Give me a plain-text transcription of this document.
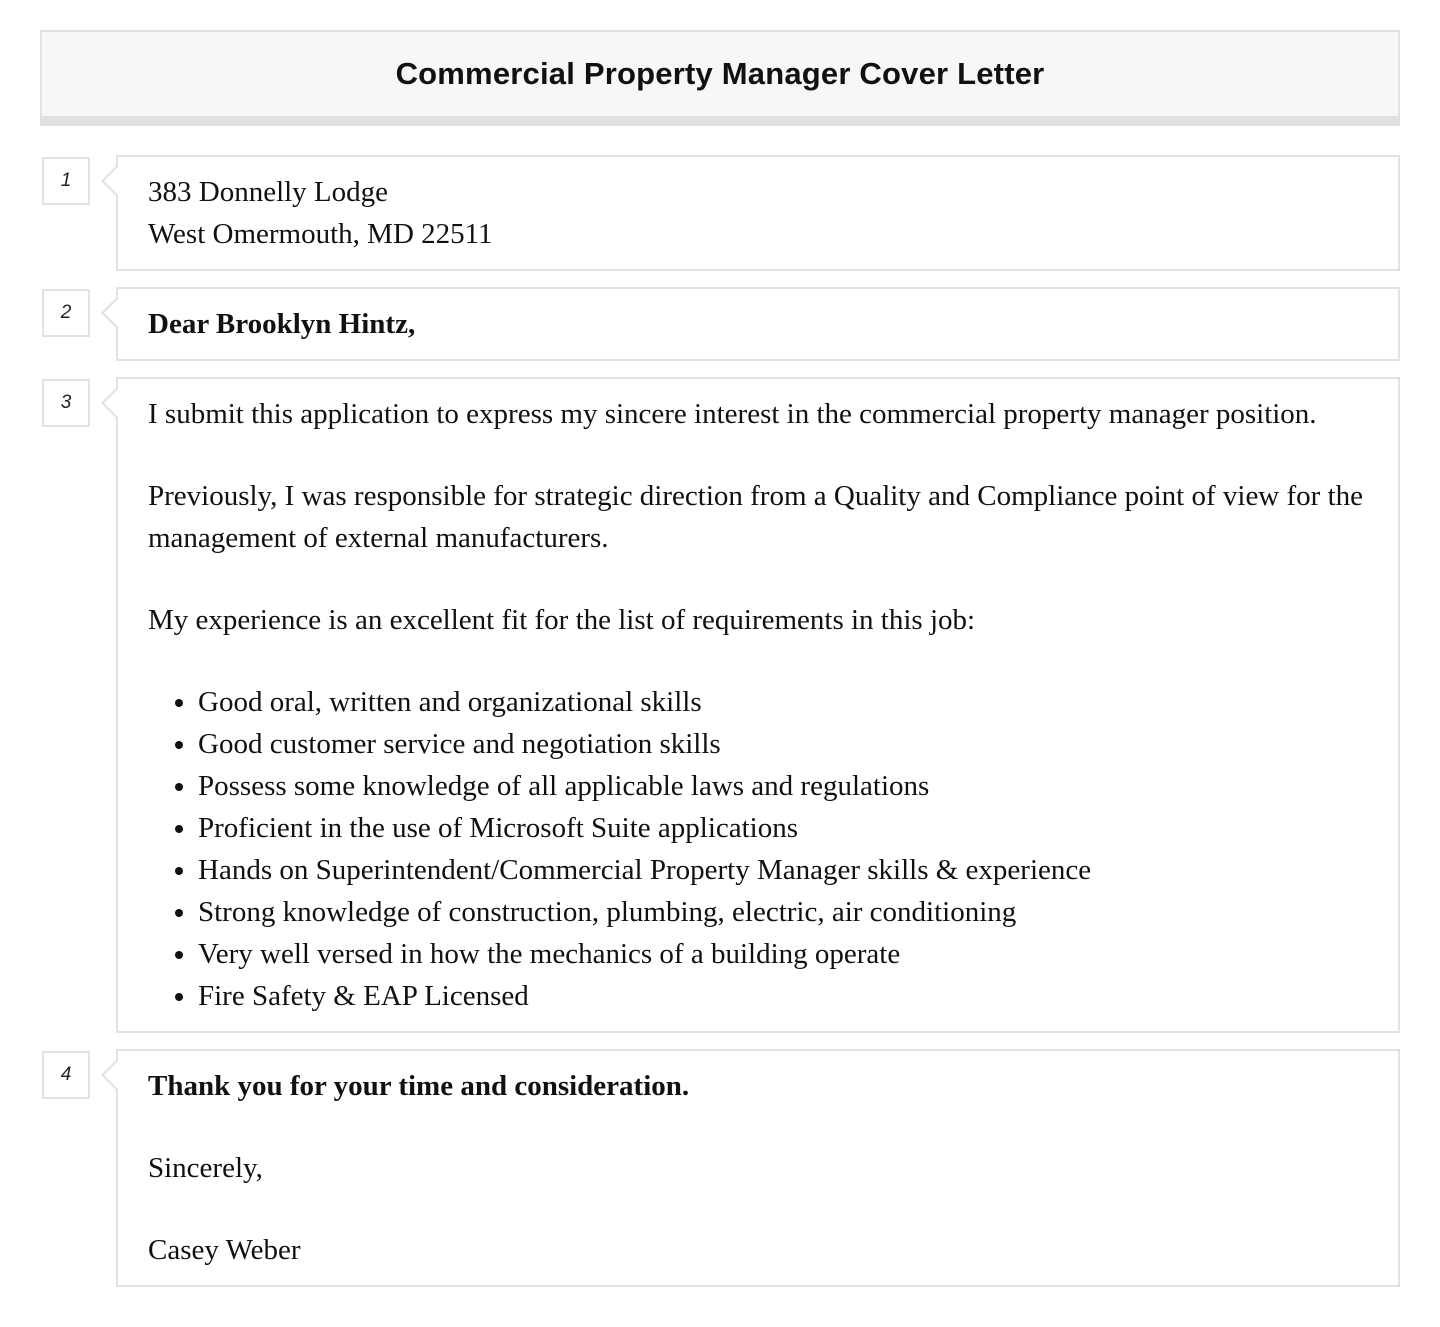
Commercial Property Manager Cover Letter
1	383 Donnelly Lodge
West Omermouth, MD 22511
2	Dear Brooklyn Hintz,
3	I submit this application to express my sincere interest in the commercial property manager position.

Previously, I was responsible for strategic direction from a Quality and Compliance point of view for the management of external manufacturers.

My experience is an excellent fit for the list of requirements in this job:

• Good oral, written and organizational skills
• Good customer service and negotiation skills
• Possess some knowledge of all applicable laws and regulations
• Proficient in the use of Microsoft Suite applications
• Hands on Superintendent/Commercial Property Manager skills & experience
• Strong knowledge of construction, plumbing, electric, air conditioning
• Very well versed in how the mechanics of a building operate
• Fire Safety & EAP Licensed
4	Thank you for your time and consideration.

Sincerely,

Casey Weber
